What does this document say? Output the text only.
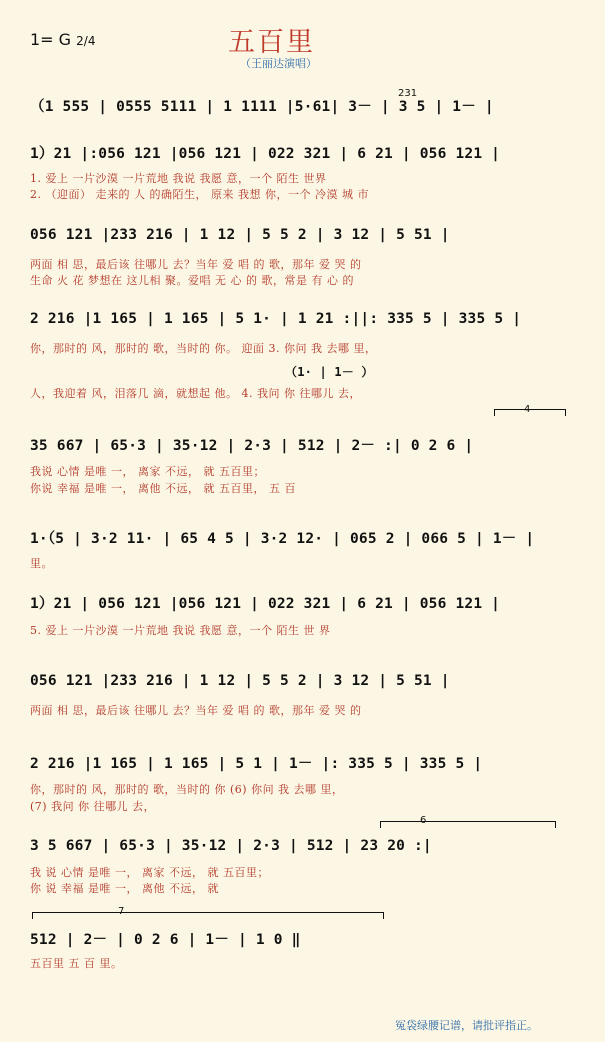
1= G 2/4	五百里
（王丽达演唱）
231
（1 555 | 0555 5111 | 1 1111 |5·61| 3－ | 3 5 | 1－ |
1）21 |:056 121 |056 121 | 022 321 | 6 21 | 056 121 |
1. 爱上 一片沙漠 一片荒地 我说 我愿 意，一个 陌生 世界
2. （迎面） 走来的 人 的确陌生， 原来 我想 你，一个 冷漠 城 市
056 121 |233 216 | 1 12 | 5 5 2 | 3 12 | 5 51 |
两面 相 思，最后该 往哪儿 去？当年 爱 唱 的 歌，那年 爱 哭 的
生命 火 花 梦想在 这儿相 聚。爱唱 无 心 的 歌，常是 有 心 的
2 216 |1 165 | 1 165 | 5 1· | 1 21 :||: 335 5 | 335 5 |
你，那时的 风，那时的 歌，当时的 你。 迎面 3. 你问 我 去哪 里，
（1· | 1－ ）
人，我迎着 风，泪落几 滴，就想起 他。 4. 我问 你 往哪儿 去，
4
35 667 | 65·3 | 35·12 | 2·3 | 512 | 2－ :| 0 2 6 |
我说 心情 是唯 一， 离家 不远， 就 五百里；
你说 幸福 是唯 一， 离他 不远， 就 五百里， 五 百
1·（5 | 3·2 11· | 65 4 5 | 3·2 12· | 065 2 | 066 5 | 1－ |
里。
1）21 | 056 121 |056 121 | 022 321 | 6 21 | 056 121 |
5. 爱上 一片沙漠 一片荒地 我说 我愿 意，一个 陌生 世 界
056 121 |233 216 | 1 12 | 5 5 2 | 3 12 | 5 51 |
两面 相 思，最后该 往哪儿 去？当年 爱 唱 的 歌，那年 爱 哭 的
2 216 |1 165 | 1 165 | 5 1 | 1－ |: 335 5 | 335 5 |
你，那时的 风，那时的 歌，当时的 你 (6) 你问 我 去哪 里，
(7) 我问 你 往哪儿 去，
6
3 5 667 | 65·3 | 35·12 | 2·3 | 512 | 23 20 :|
我 说 心情 是唯 一， 离家 不远， 就 五百里；
你 说 幸福 是唯 一， 离他 不远， 就
7
512 | 2－ | 0 2 6 | 1－ | 1 0 ‖
五百里 五 百 里。
冤袋绿腰记谱，请批评指正。
